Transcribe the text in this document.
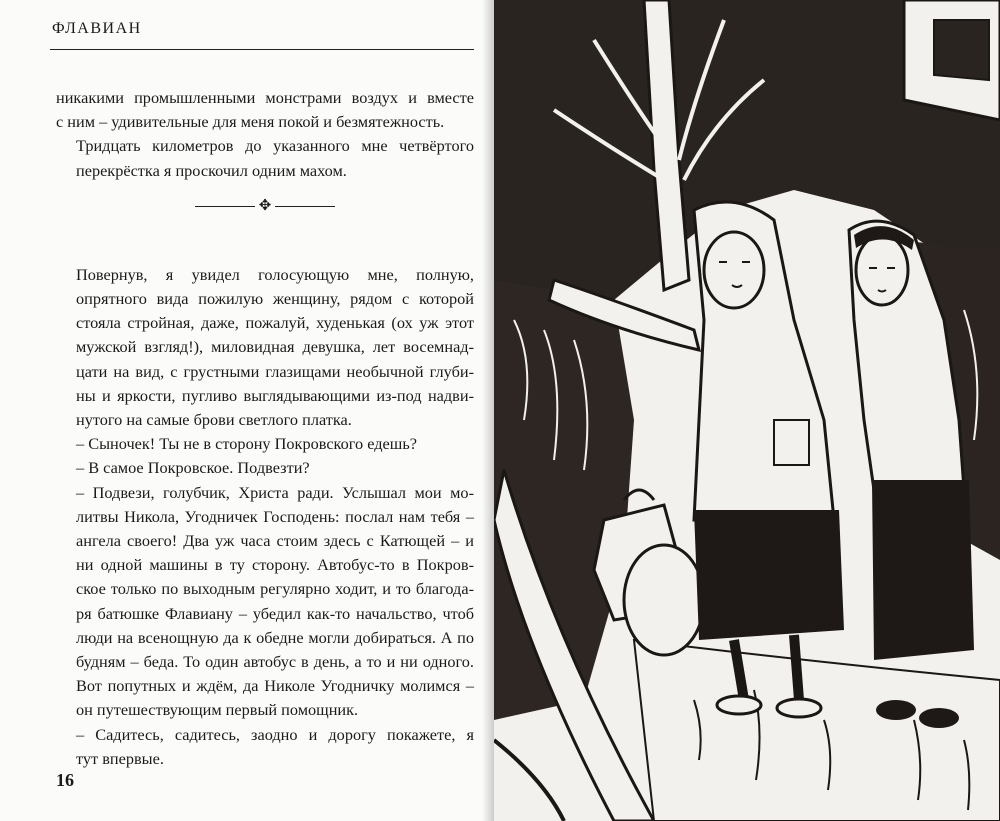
ФЛАВИАН

никакими промышленными монстрами воздух и вместе
с ним – удивительные для меня покой и безмятежность.

Тридцать километров до указанного мне четвёртого
перекрёстка я проскочил одним махом.

✥

Повернув, я увидел голосующую мне, полную,
опрятного вида пожилую женщину, рядом с которой
стояла стройная, даже, пожалуй, худенькая (ох уж этот
мужской взгляд!), миловидная девушка, лет восемнад-
цати на вид, с грустными глазищами необычной глуби-
ны и яркости, пугливо выглядывающими из-под надви-
нутого на самые брови светлого платка.

– Сыночек! Ты не в сторону Покровского едешь?

– В самое Покровское. Подвезти?

– Подвези, голубчик, Христа ради. Услышал мои мо-
литвы Никола, Угодничек Господень: послал нам тебя –
ангела своего! Два уж часа стоим здесь с Катющей – и
ни одной машины в ту сторону. Автобус-то в Покров-
ское только по выходным регулярно ходит, и то благода-
ря батюшке Флавиану – убедил как-то начальство, чтоб
люди на всенощную да к обедне могли добираться. А по
будням – беда. То один автобус в день, а то и ни одного.
Вот попутных и ждём, да Николе Угодничку молимся –
он путешествующим первый помощник.

– Садитесь, садитесь, заодно и дорогу покажете, я
тут впервые.

16
